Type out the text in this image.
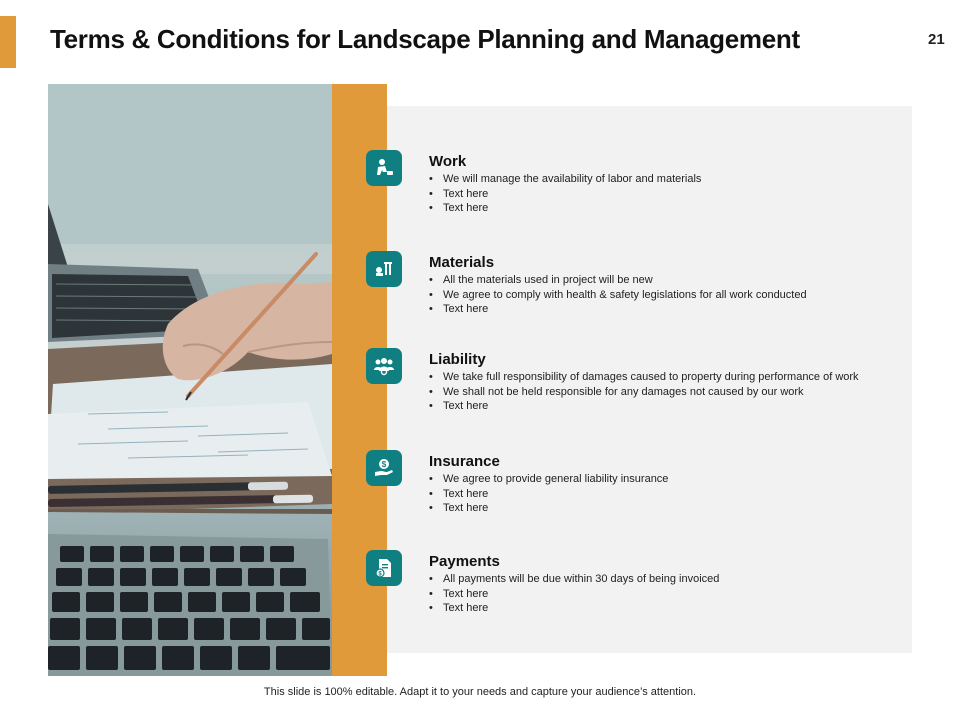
Terms & Conditions for Landscape Planning and Management	21
Work
• We will manage the availability of labor and materials
• Text here
• Text here
Materials
• All the materials used in project will be new
• We agree to comply with health & safety legislations for all work conducted
• Text here
Liability
• We take full responsibility of damages caused to property during performance of work
• We shall not be held responsible for any damages not caused by our work
• Text here
$	Insurance
• We agree to provide general liability insurance
• Text here
• Text here
$
Payments
• All payments will be due within 30 days of being invoiced
• Text here
• Text here
This slide is 100% editable. Adapt it to your needs and capture your audience’s attention.
